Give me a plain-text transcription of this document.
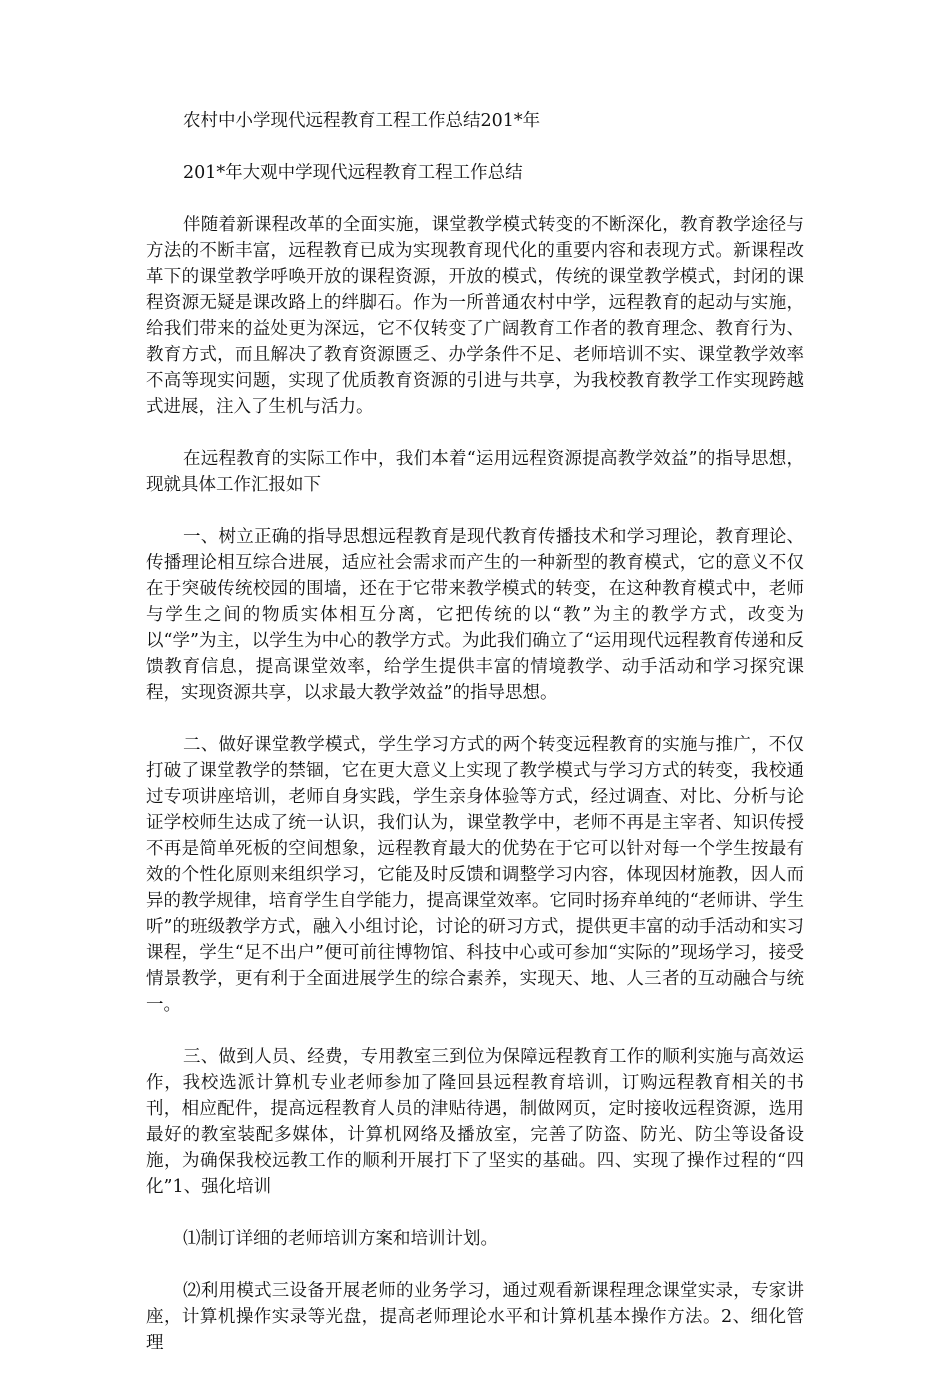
农村中小学现代远程教育工程工作总结201*年

201*年大观中学现代远程教育工程工作总结

伴随着新课程改革的全面实施，课堂教学模式转变的不断深化，教育教学途径与方法的不断丰富，远程教育已成为实现教育现代化的重要内容和表现方式。新课程改革下的课堂教学呼唤开放的课程资源，开放的模式，传统的课堂教学模式，封闭的课程资源无疑是课改路上的绊脚石。作为一所普通农村中学，远程教育的起动与实施，给我们带来的益处更为深远，它不仅转变了广阔教育工作者的教育理念、教育行为、教育方式，而且解决了教育资源匮乏、办学条件不足、老师培训不实、课堂教学效率不高等现实问题，实现了优质教育资源的引进与共享，为我校教育教学工作实现跨越式进展，注入了生机与活力。

在远程教育的实际工作中，我们本着“运用远程资源提高教学效益”的指导思想，现就具体工作汇报如下

一、树立正确的指导思想远程教育是现代教育传播技术和学习理论，教育理论、传播理论相互综合进展，适应社会需求而产生的一种新型的教育模式，它的意义不仅在于突破传统校园的围墙，还在于它带来教学模式的转变，在这种教育模式中，老师与学生之间的物质实体相互分离，它把传统的以“教”为主的教学方式，改变为以“学”为主，以学生为中心的教学方式。为此我们确立了“运用现代远程教育传递和反馈教育信息，提高课堂效率，给学生提供丰富的情境教学、动手活动和学习探究课程，实现资源共享，以求最大教学效益”的指导思想。

二、做好课堂教学模式，学生学习方式的两个转变远程教育的实施与推广，不仅打破了课堂教学的禁锢，它在更大意义上实现了教学模式与学习方式的转变，我校通过专项讲座培训，老师自身实践，学生亲身体验等方式，经过调查、对比、分析与论证学校师生达成了统一认识，我们认为，课堂教学中，老师不再是主宰者、知识传授不再是简单死板的空间想象，远程教育最大的优势在于它可以针对每一个学生按最有效的个性化原则来组织学习，它能及时反馈和调整学习内容，体现因材施教，因人而异的教学规律，培育学生自学能力，提高课堂效率。它同时扬弃单纯的“老师讲、学生听”的班级教学方式，融入小组讨论，讨论的研习方式，提供更丰富的动手活动和实习课程，学生“足不出户”便可前往博物馆、科技中心或可参加“实际的”现场学习，接受情景教学，更有利于全面进展学生的综合素养，实现天、地、人三者的互动融合与统一。

三、做到人员、经费，专用教室三到位为保障远程教育工作的顺利实施与高效运作，我校选派计算机专业老师参加了隆回县远程教育培训，订购远程教育相关的书刊，相应配件，提高远程教育人员的津贴待遇，制做网页，定时接收远程资源，选用最好的教室装配多媒体，计算机网络及播放室，完善了防盗、防光、防尘等设备设施，为确保我校远教工作的顺利开展打下了坚实的基础。四、实现了操作过程的“四化”1、强化培训

⑴制订详细的老师培训方案和培训计划。

⑵利用模式三设备开展老师的业务学习，通过观看新课程理念课堂实录，专家讲座，计算机操作实录等光盘，提高老师理论水平和计算机基本操作方法。2、细化管理
